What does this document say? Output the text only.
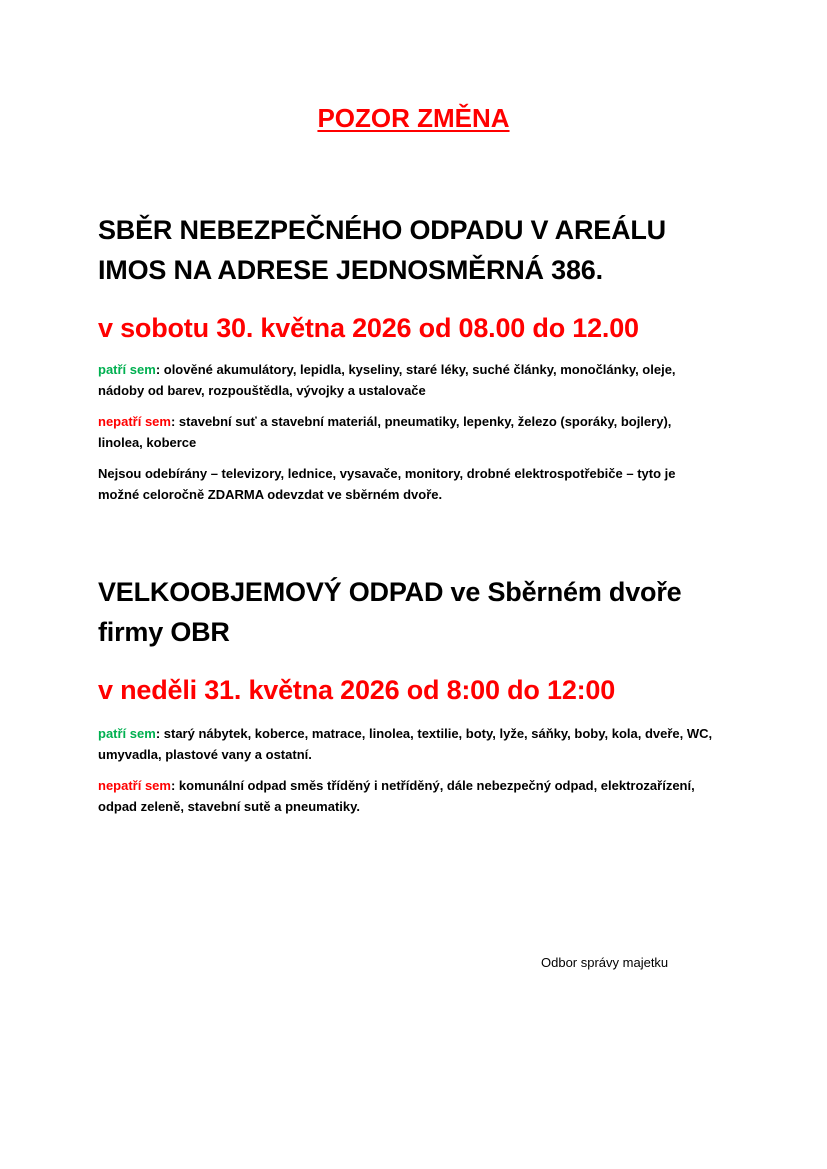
POZOR ZMĚNA

SBĚR NEBEZPEČNÉHO ODPADU V AREÁLU

IMOS NA ADRESE JEDNOSMĚRNÁ 386.

v sobotu 30. května 2026 od 08.00 do 12.00

patří sem: olověné akumulátory, lepidla, kyseliny, staré léky, suché články, monočlánky, oleje, nádoby od barev, rozpouštědla, vývojky a ustalovače

nepatří sem: stavební suť a stavební materiál, pneumatiky, lepenky, železo (sporáky, bojlery), linolea, koberce

Nejsou odebírány – televizory, lednice, vysavače, monitory, drobné elektrospotřebiče – tyto je možné celoročně ZDARMA odevzdat ve sběrném dvoře.

VELKOOBJEMOVÝ ODPAD ve Sběrném dvoře

firmy OBR

v neděli 31. května 2026 od 8:00 do 12:00

patří sem: starý nábytek, koberce, matrace, linolea, textilie, boty, lyže, sáňky, boby, kola, dveře, WC, umyvadla, plastové vany a ostatní.

nepatří sem: komunální odpad směs tříděný i netříděný, dále nebezpečný odpad, elektrozařízení, odpad zeleně, stavební sutě a pneumatiky.

Odbor správy majetku
